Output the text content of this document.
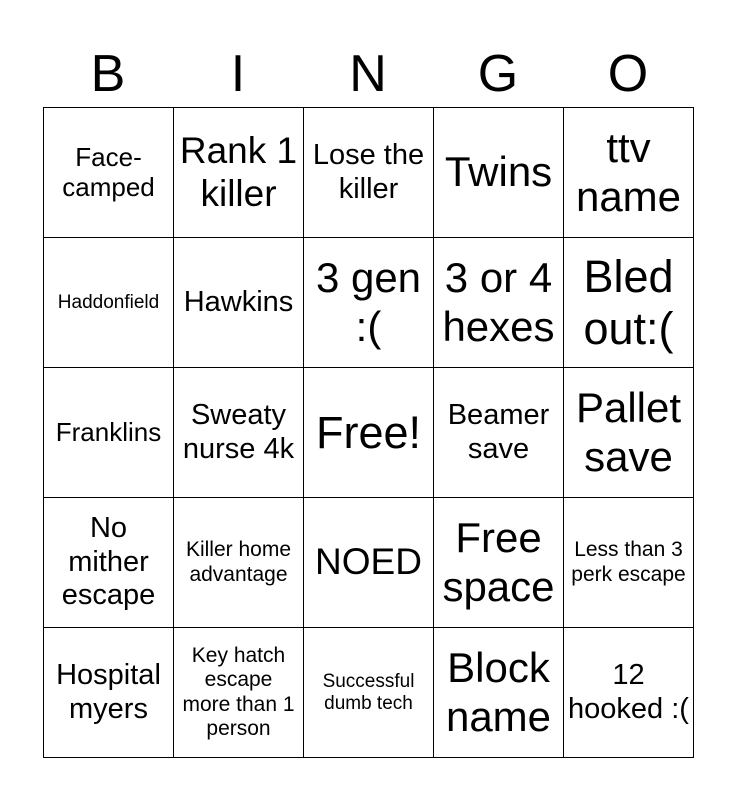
B	I	N	G	O
Face-camped	Rank 1 killer	Lose the killer	Twins	ttv name
Haddonfield	Hawkins	3 gen :(	3 or 4 hexes	Bled out:(
Franklins	Sweaty nurse 4k	Free!	Beamer save	Pallet save
No mither escape	Killer home advantage	NOED	Free space	Less than 3 perk escape
Hospital myers	Key hatch escape more than 1 person	Successful dumb tech	Block name	12 hooked :(
